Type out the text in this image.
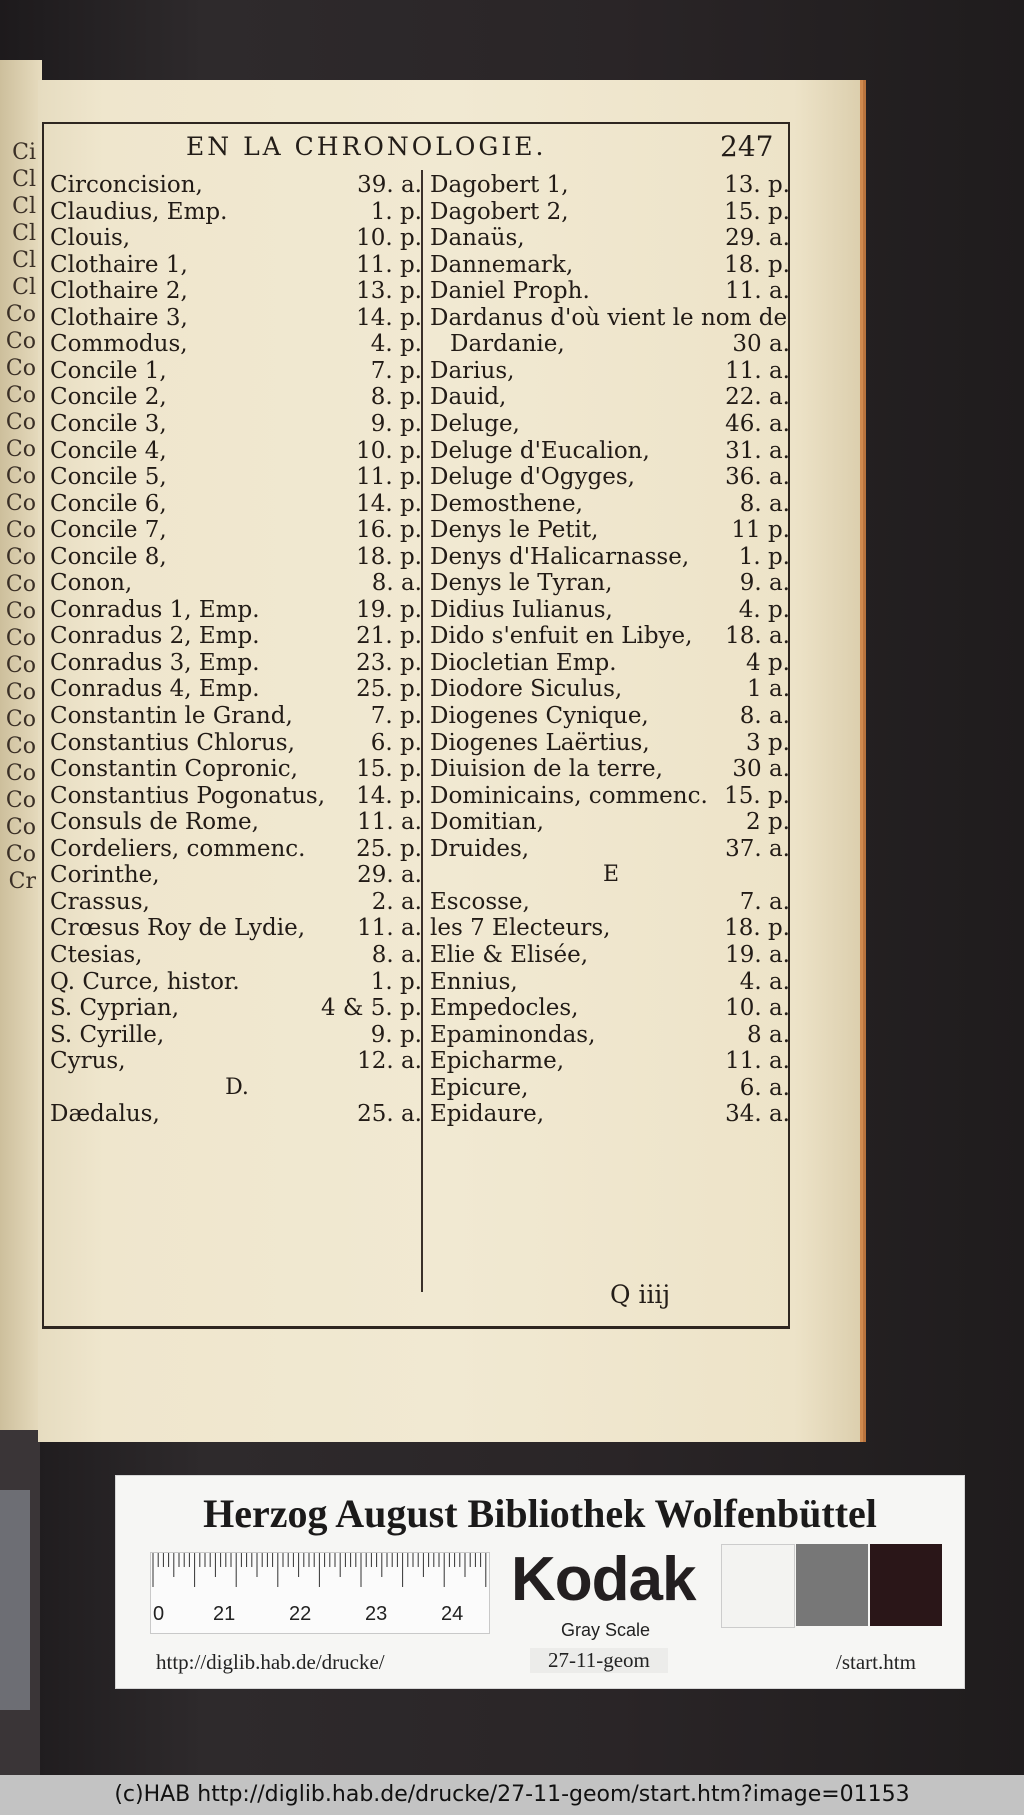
Ci
Cl
Cl
Cl
Cl
Cl
Co
Co
Co
Co
Co
Co
Co
Co
Co
Co
Co
Co
Co
Co
Co
Co
Co
Co
Co
Co
Co
Cr
EN LA CHRONOLOGIE.	247
Circoncision,	39. a.
Claudius, Emp.	1. p.
Clouis,	10. p.
Clothaire 1,	11. p.
Clothaire 2,	13. p.
Clothaire 3,	14. p.
Commodus,	4. p.
Concile 1,	7. p.
Concile 2,	8. p.
Concile 3,	9. p.
Concile 4,	10. p.
Concile 5,	11. p.
Concile 6,	14. p.
Concile 7,	16. p.
Concile 8,	18. p.
Conon,	8. a.
Conradus 1, Emp.	19. p.
Conradus 2, Emp.	21. p.
Conradus 3, Emp.	23. p.
Conradus 4, Emp.	25. p.
Constantin le Grand,	7. p.
Constantius Chlorus,	6. p.
Constantin Copronic,	15. p.
Constantius Pogonatus, 14. p.
Consuls de Rome,	11. a.
Cordeliers, commenc. 25. p.
Corinthe,	29. a.
Crassus,	2. a.
Crœsus Roy de Lydie, 11. a.
Ctesias,	8. a.
Q. Curce, histor.	1. p.
S. Cyprian,	4 & 5. p.
S. Cyrille,	9. p.
Cyrus,	12. a.
D.
Dædalus,	25. a.
Dagobert 1,	13. p.
Dagobert 2,	15. p.
Danaüs,	29. a.
Dannemark,	18. p.
Daniel Proph.	11. a.
Dardanus d'où vient le nom de
Dardanie,	30 a.
Darius,	11. a.
Dauid,	22. a.
Deluge,	46. a.
Deluge d'Eucalion,	31. a.
Deluge d'Ogyges,	36. a.
Demosthene,	8. a.
Denys le Petit,	11 p.
Denys d'Halicarnasse, 1. p.
Denys le Tyran,	9. a.
Didius Iulianus,	4. p.
Dido s'enfuit en Libye, 18. a.
Diocletian Emp.	4 p.
Diodore Siculus,	1 a.
Diogenes Cynique,	8. a.
Diogenes Laërtius,	3 p.
Diuision de la terre,	30 a.
Dominicains, commenc. 15. p.
Domitian,	2 p.
Druides,	37. a.
E
Escosse,	7. a.
les 7 Electeurs,	18. p.
Elie & Elisée,	19. a.
Ennius,	4. a.
Empedocles,	10. a.
Epaminondas,	8 a.
Epicharme,	11. a.
Epicure,	6. a.
Epidaure,	34. a.
Q iiij
Herzog August Bibliothek Wolfenbüttel
0 21	22	23	24 Kodak
Gray Scale
http://diglib.hab.de/drucke/	27-11-geom	/start.htm
(c)HAB http://diglib.hab.de/drucke/27-11-geom/start.htm?image=01153
